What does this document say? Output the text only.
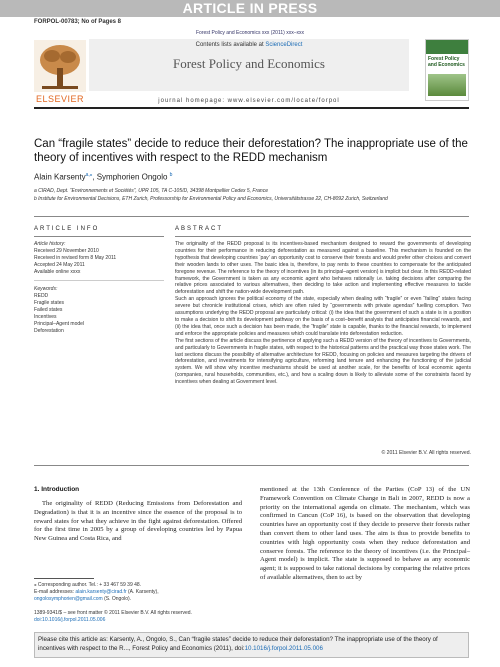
ARTICLE IN PRESS
FORPOL-00783; No of Pages 8
Forest Policy and Economics xxx (2011) xxx–xxx
Contents lists available at ScienceDirect
Forest Policy and Economics
ELSEVIER
Forest Policy and Economics
journal homepage: www.elsevier.com/locate/forpol
Can “fragile states” decide to reduce their deforestation? The inappropriate use of the theory of incentives with respect to the REDD mechanism
Alain Karsenty$^{a,⁎}$, Symphorien Ongolo $^b$
a CIRAD, Dept. “Environnements et Sociétés”, UPR 105, TA C-105/D, 34398 Montpellier Cedex 5, France
b Institute for Environmental Decisions, ETH Zurich, Professorship for Environmental Policy and Economics, Universitätstrasse 22, CH-8092 Zurich, Switzerland
ARTICLE INFO	ABSTRACT
Article history:
Received 29 November 2010
Received in revised form 8 May 2011
Accepted 24 May 2011
Available online xxxx
Keywords:
REDD
Fragile states
Failed states
Incentives
Principal–Agent model
Deforestation

The originality of the REDD proposal is its incentives-based mechanism designed to reward the governments of developing countries for their performance in reducing deforestation as measured against a baseline. This mechanism is founded on the hypothesis that developing countries ‘pay’ an opportunity cost to conserve their forests and would prefer other choices and convert their wooden lands to other uses. The basic idea is, therefore, to pay rents to these countries to compensate for the anticipated foregone revenue. The reference to the theory of incentives (in its principal–agent version) is implicit but clear. In this REDD-related framework, the Government is taken as any economic agent who behaves rationally i.e. taking decisions after comparing the relative prices associated to various alternatives, then deciding to take action and implementing effective measures to tackle deforestation and shift the nation-wide development path.

Such an approach ignores the political economy of the state, especially when dealing with “fragile” or even “failing” states facing severe but chronicle institutional crises, which are often ruled by “governments with private agendas” fuelling corruption. Two assumptions underlying the REDD proposal are particularly critical: (i) the idea that the government of such a state is in a position to make a decision to shift its development pathway on the basis of a cost–benefit analysis that anticipates financial rewards, and (ii) the idea that, once such a decision has been made, the “fragile” state is capable, thanks to the financial rewards, to implement and enforce the appropriate policies and measures which could translate into deforestation reduction.

The first sections of the article discuss the pertinence of applying such a REDD version of the theory of incentives to Governments, and particularly to Governments in fragile states, with respect to the historical patterns and the practical way those states work. The last sections discuss the possibility of alternative architecture for REDD, focusing on policies and measures targeting the drivers of deforestation, and investments for intensifying agriculture, reforming land tenure and enhancing the functioning of the judicial system. We will show why incentive mechanisms should be used at another scale, for the benefits of local economic agents (companies, rural households, communities, etc.), and how a scaling down is likely to alleviate some of the constraints faced by incentives when dealing at Government level.

© 2011 Elsevier B.V. All rights reserved.
1. Introduction
The originality of REDD (Reducing Emissions from Deforestation and Degradation) is that it is an incentive since the essence of the proposal is to reward states for what they achieve in the fight against deforestation. Offered for the first time in 2005 by a group of developing countries led by Papua New Guinea and Costa Rica, and
mentioned at the 13th Conference of the Parties (CoP 13) of the UN Framework Convention on Climate Change in Bali in 2007, REDD is now a priority on the international agenda on climate. The mechanism, which was confirmed in Cancun (CoP 16), is based on the observation that developing countries have an opportunity cost if they decide to preserve their forests rather than convert them to other land uses. The aim is thus to provide benefits to countries with high opportunity costs when they reduce deforestation and conserve forests. The reference to the theory of incentives (i.e. the Principal–Agent model) is implicit. The state is supposed to behave as any economic agent; it is supposed to take rational decisions by comparing the relative prices of available alternatives, then to act by
⁎ Corresponding author. Tel.: + 33 467 59 39 48.
E-mail addresses: alain.karsenty@cirad.fr (A. Karsenty),
ongolosymphorien@gmail.com (S. Ongolo).
1389-9341/$ – see front matter © 2011 Elsevier B.V. All rights reserved.
doi:10.1016/j.forpol.2011.05.006
Please cite this article as: Karsenty, A., Ongolo, S., Can “fragile states” decide to reduce their deforestation? The inappropriate use of the theory of incentives with respect to the R..., Forest Policy and Economics (2011), doi:10.1016/j.forpol.2011.05.006
